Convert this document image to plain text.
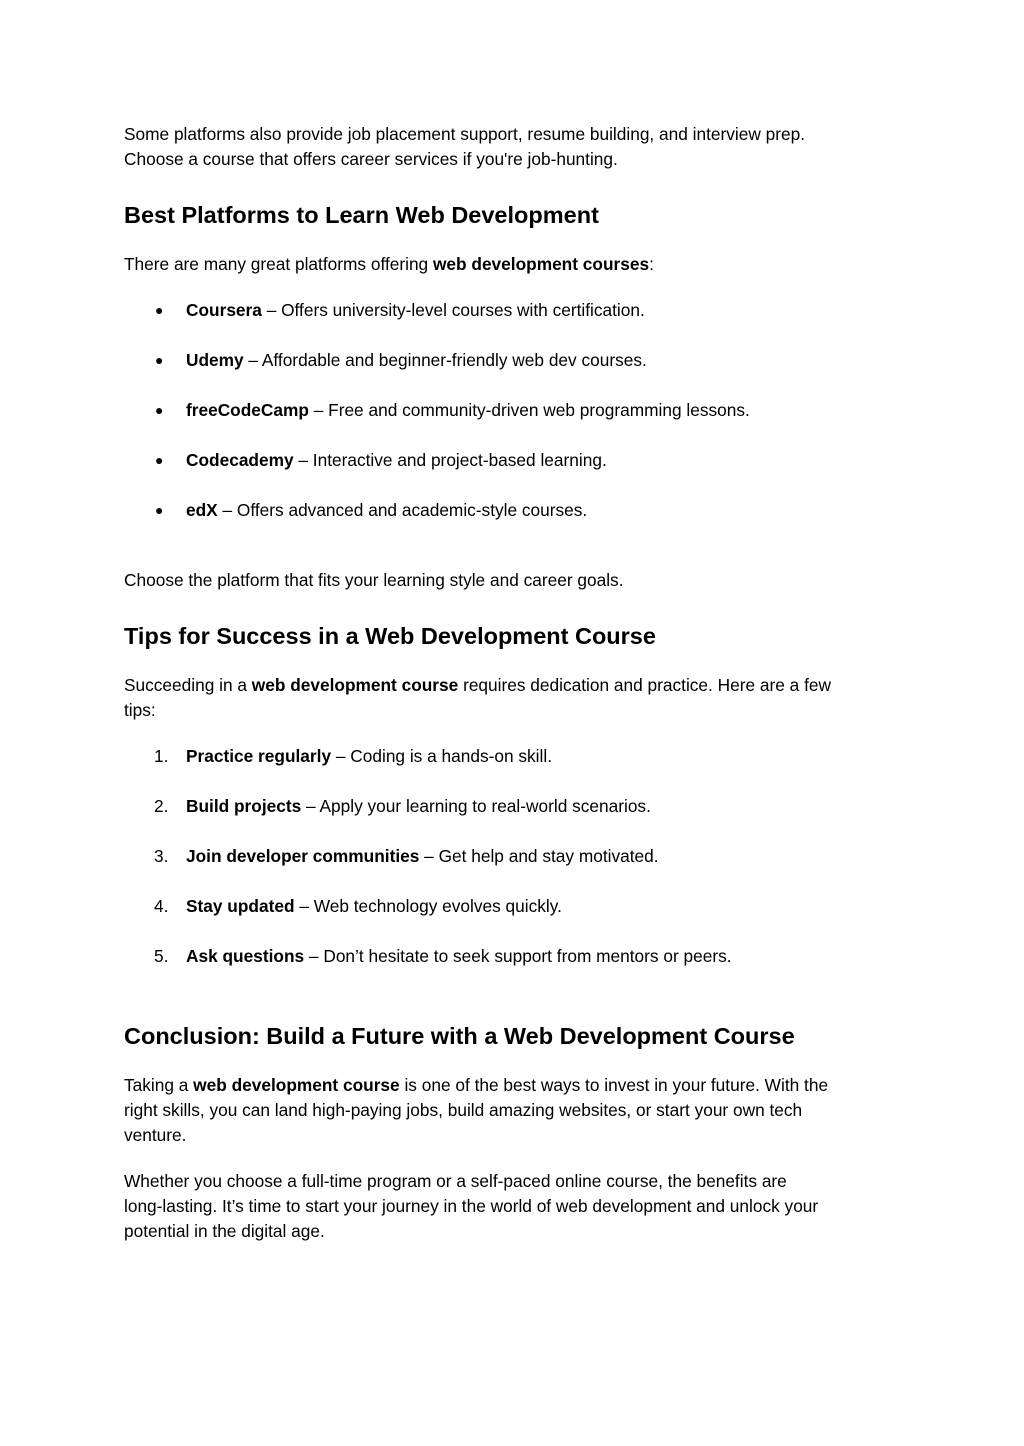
Some platforms also provide job placement support, resume building, and interview prep.
Choose a course that offers career services if you're job-hunting.

Best Platforms to Learn Web Development

There are many great platforms offering web development courses:

● Coursera – Offers university-level courses with certification.
● Udemy – Affordable and beginner-friendly web dev courses.
● freeCodeCamp – Free and community-driven web programming lessons.
● Codecademy – Interactive and project-based learning.
● edX – Offers advanced and academic-style courses.

Choose the platform that fits your learning style and career goals.

Tips for Success in a Web Development Course

Succeeding in a web development course requires dedication and practice. Here are a few
tips:

1. Practice regularly – Coding is a hands-on skill.
2. Build projects – Apply your learning to real-world scenarios.
3. Join developer communities – Get help and stay motivated.
4. Stay updated – Web technology evolves quickly.
5. Ask questions – Don’t hesitate to seek support from mentors or peers.
Conclusion: Build a Future with a Web Development Course

Taking a web development course is one of the best ways to invest in your future. With the
right skills, you can land high-paying jobs, build amazing websites, or start your own tech
venture.

Whether you choose a full-time program or a self-paced online course, the benefits are
long-lasting. It’s time to start your journey in the world of web development and unlock your
potential in the digital age.
